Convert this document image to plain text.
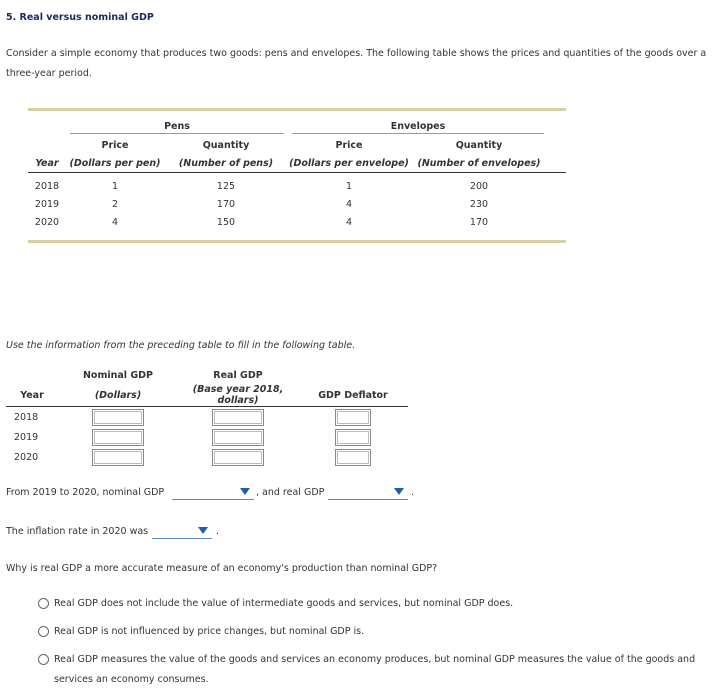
5. Real versus nominal GDP
Consider a simple economy that produces two goods: pens and envelopes. The following table shows the prices and quantities of the goods over a three-year period.

	Pens		Envelopes		

	Price	Quantity	Price	Quantity	
Year	(Dollars per pen)	(Number of pens)	(Dollars per envelope)	(Number of envelopes)	

2018	1	125	1	200	
2019	2	170	4	230	
2020	4	150	4	170	
Use the information from the preceding table to fill in the following table.
	Nominal GDP	Real GDP	
Year	(Dollars)	(Base year 2018, dollars)	GDP Deflator
2018			
2019			
2020			
From 2019 to 2020, nominal GDP	, and real GDP	.
The inflation rate in 2020 was	.
Why is real GDP a more accurate measure of an economy's production than nominal GDP?
Real GDP does not include the value of intermediate goods and services, but nominal GDP does.
Real GDP is not influenced by price changes, but nominal GDP is.
Real GDP measures the value of the goods and services an economy produces, but nominal GDP measures the value of the goods and services an economy consumes.
